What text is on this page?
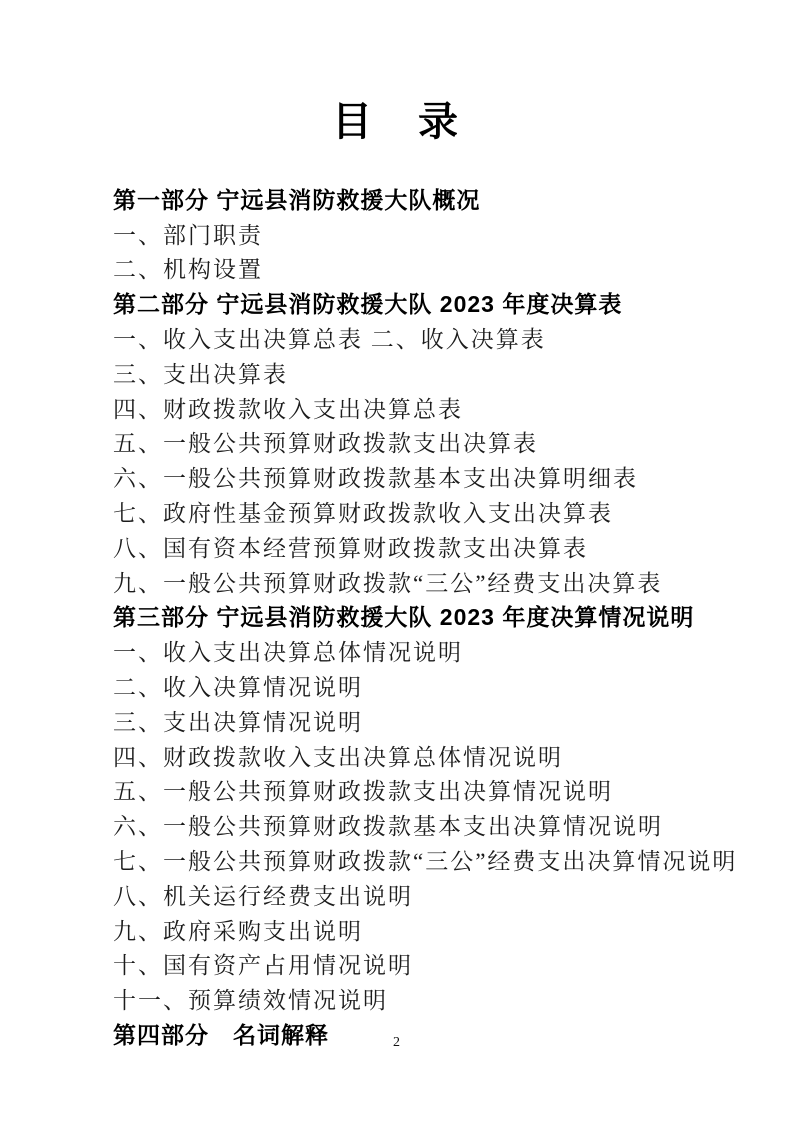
目　录
第一部分 宁远县消防救援大队概况
一、部门职责
二、机构设置
第二部分 宁远县消防救援大队 2023 年度决算表
一、收入支出决算总表 二、收入决算表
三、支出决算表
四、财政拨款收入支出决算总表
五、一般公共预算财政拨款支出决算表
六、一般公共预算财政拨款基本支出决算明细表
七、政府性基金预算财政拨款收入支出决算表
八、国有资本经营预算财政拨款支出决算表
九、一般公共预算财政拨款“三公”经费支出决算表
第三部分 宁远县消防救援大队 2023 年度决算情况说明
一、收入支出决算总体情况说明
二、收入决算情况说明
三、支出决算情况说明
四、财政拨款收入支出决算总体情况说明
五、一般公共预算财政拨款支出决算情况说明
六、一般公共预算财政拨款基本支出决算情况说明
七、一般公共预算财政拨款“三公”经费支出决算情况说明
八、机关运行经费支出说明
九、政府采购支出说明
十、国有资产占用情况说明
十一、预算绩效情况说明
第四部分　名词解释	2
